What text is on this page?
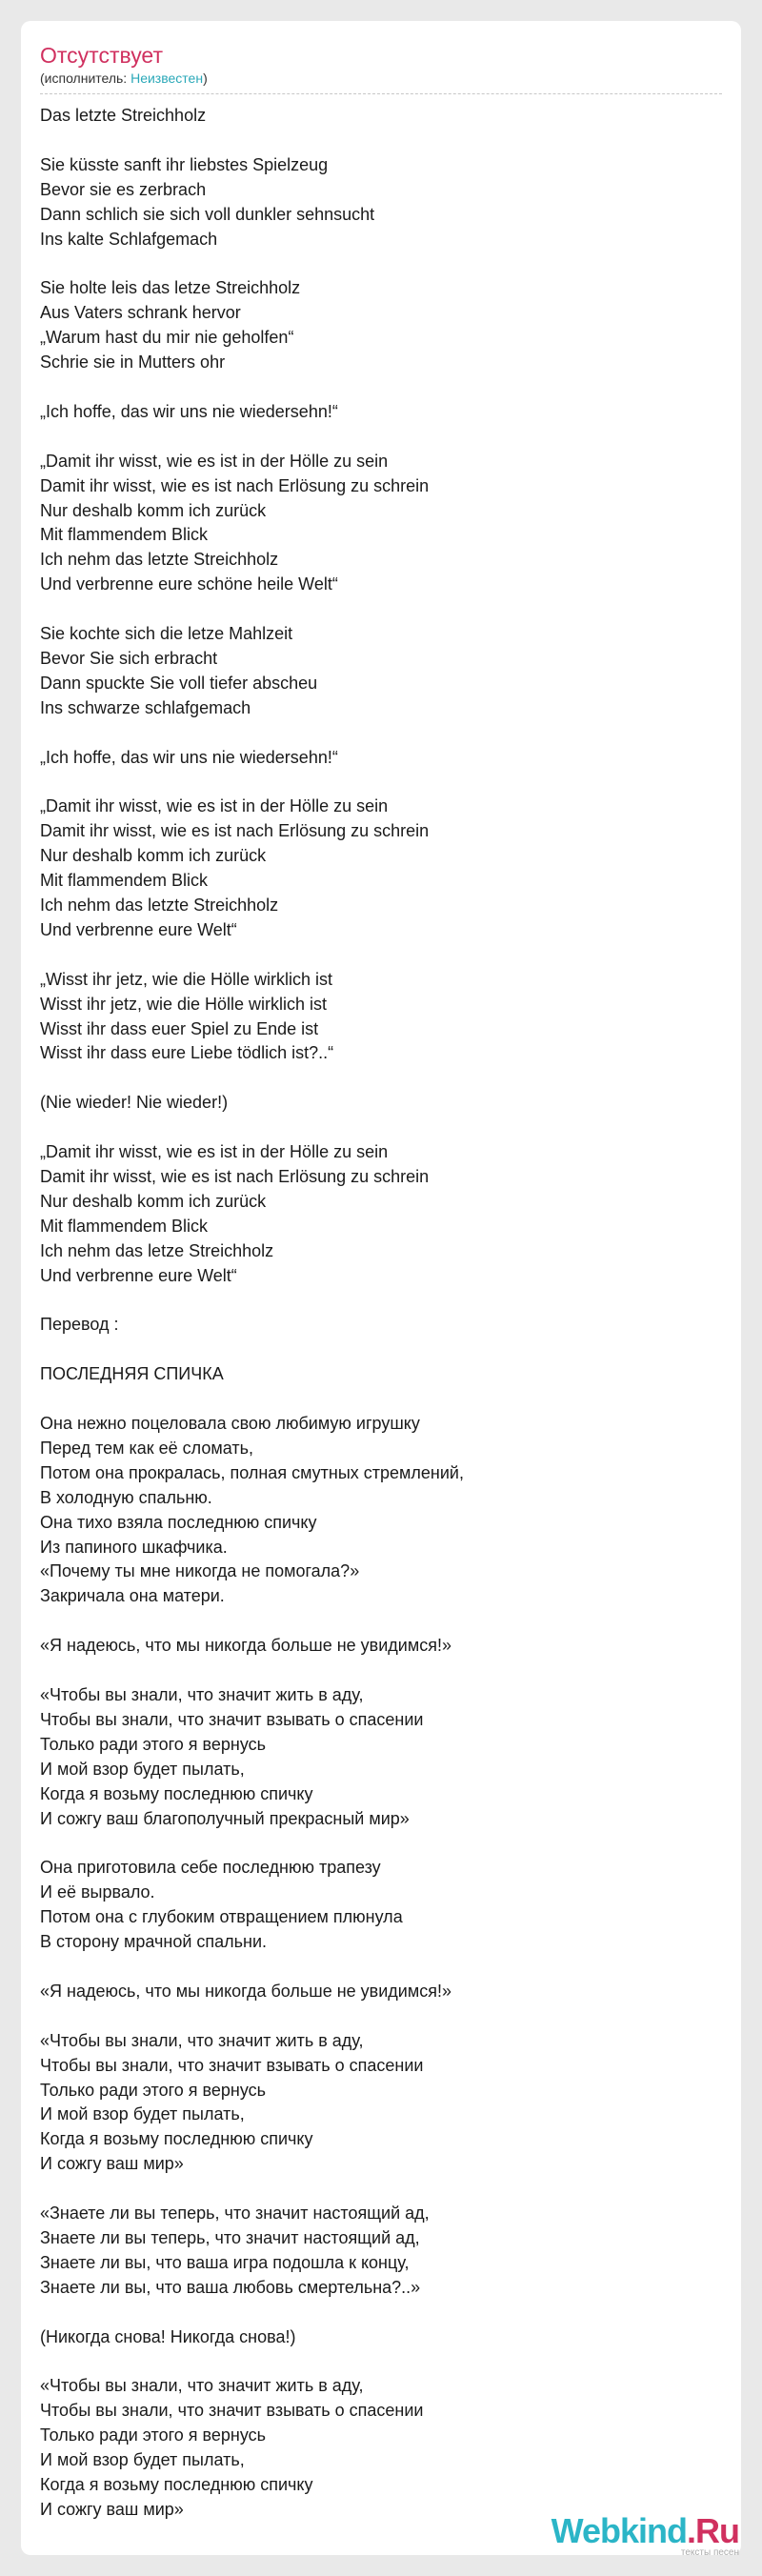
Отсутствует
(исполнитель: Неизвестен)
Das letzte Streichholz

Sie küsste sanft ihr liebstes Spielzeug
Bevor sie es zerbrach
Dann schlich sie sich voll dunkler sehnsucht
Ins kalte Schlafgemach

Sie holte leis das letze Streichholz
Aus Vaters schrank hervor
„Warum hast du mir nie geholfen“
Schrie sie in Mutters ohr

„Ich hoffe, das wir uns nie wiedersehn!“

„Damit ihr wisst, wie es ist in der Hölle zu sein
Damit ihr wisst, wie es ist nach Erlösung zu schrein
Nur deshalb komm ich zurück
Mit flammendem Blick
Ich nehm das letzte Streichholz
Und verbrenne eure schöne heile Welt“

Sie kochte sich die letze Mahlzeit
Bevor Sie sich erbracht
Dann spuckte Sie voll tiefer abscheu
Ins schwarze schlafgemach

„Ich hoffe, das wir uns nie wiedersehn!“

„Damit ihr wisst, wie es ist in der Hölle zu sein
Damit ihr wisst, wie es ist nach Erlösung zu schrein
Nur deshalb komm ich zurück
Mit flammendem Blick
Ich nehm das letzte Streichholz
Und verbrenne eure Welt“

„Wisst ihr jetz, wie die Hölle wirklich ist
Wisst ihr jetz, wie die Hölle wirklich ist
Wisst ihr dass euer Spiel zu Ende ist
Wisst ihr dass eure Liebe tödlich ist?..“

(Nie wieder! Nie wieder!)

„Damit ihr wisst, wie es ist in der Hölle zu sein
Damit ihr wisst, wie es ist nach Erlösung zu schrein
Nur deshalb komm ich zurück
Mit flammendem Blick
Ich nehm das letze Streichholz
Und verbrenne eure Welt“

Перевод :

ПОСЛЕДНЯЯ СПИЧКА

Она нежно поцеловала свою любимую игрушку
Перед тем как её сломать,
Потом она прокралась, полная смутных стремлений,
В холодную спальню.
Она тихо взяла последнюю спичку
Из папиного шкафчика.
«Почему ты мне никогда не помогала?»
Закричала она матери.

«Я надеюсь, что мы никогда больше не увидимся!»

«Чтобы вы знали, что значит жить в аду,
Чтобы вы знали, что значит взывать о спасении
Только ради этого я вернусь
И мой взор будет пылать,
Когда я возьму последнюю спичку
И сожгу ваш благополучный прекрасный мир»

Она приготовила себе последнюю трапезу
И её вырвало.
Потом она с глубоким отвращением плюнула
В сторону мрачной спальни.

«Я надеюсь, что мы никогда больше не увидимся!»

«Чтобы вы знали, что значит жить в аду,
Чтобы вы знали, что значит взывать о спасении
Только ради этого я вернусь
И мой взор будет пылать,
Когда я возьму последнюю спичку
И сожгу ваш мир»

«Знаете ли вы теперь, что значит настоящий ад,
Знаете ли вы теперь, что значит настоящий ад,
Знаете ли вы, что ваша игра подошла к концу,
Знаете ли вы, что ваша любовь смертельна?..»

(Никогда снова! Никогда снова!)

«Чтобы вы знали, что значит жить в аду,
Чтобы вы знали, что значит взывать о спасении
Только ради этого я вернусь
И мой взор будет пылать,
Когда я возьму последнюю спичку
И сожгу ваш мир»
Webkind.Ru
тексты песен
